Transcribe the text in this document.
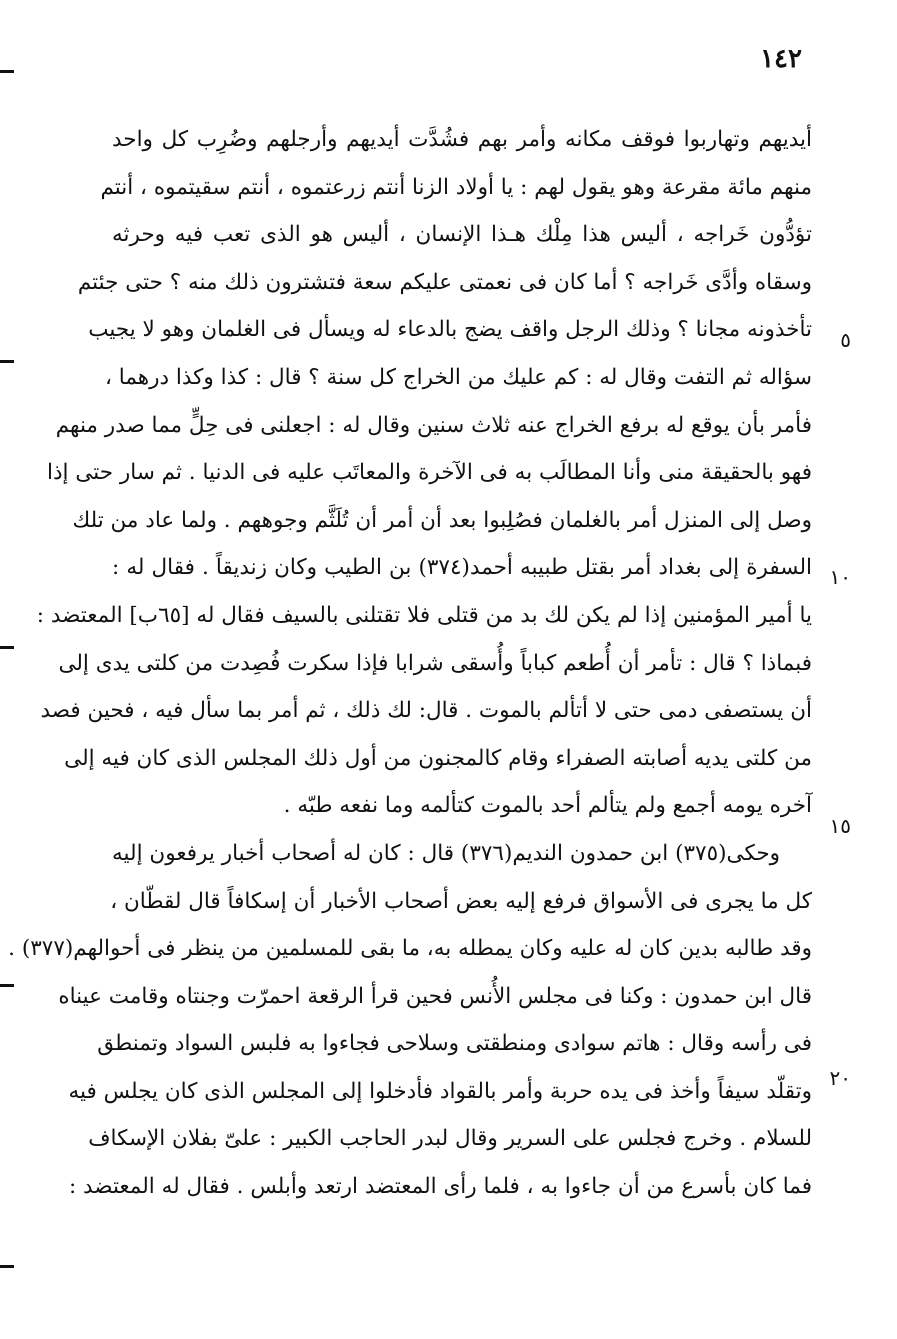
١٤٢
٥
١٠
١٥
٢٠
أيديهم وتهاربوا فوقف مكانه وأمر بهم فشُدَّت أيديهم وأرجلهم وضُرِب كل واحد
منهم مائة مقرعة وهو يقول لهم : يا أولاد الزنا أنتم زرعتموه ، أنتم سقيتموه ، أنتم
تؤدُّون خَراجه ، أليس هذا مِلْك هـذا الإنسان ، أليس هو الذى تعب فيه وحرثه
وسقاه وأدَّى خَراجه ؟ أما كان فى نعمتى عليكم سعة فتشترون ذلك منه ؟ حتى جئتم
تأخذونه مجانا ؟ وذلك الرجل واقف يضج بالدعاء له ويسأل فى الغلمان وهو لا يجيب
سؤاله ثم التفت وقال له : كم عليك من الخراج كل سنة ؟ قال : كذا وكذا درهما ،
فأمر بأن يوقع له برفع الخراج عنه ثلاث سنين وقال له : اجعلنى فى حِلٍّ مما صدر منهم
فهو بالحقيقة منى وأنا المطالَب به فى الآخرة والمعاتَب عليه فى الدنيا . ثم سار حتى إذا
وصل إلى المنزل أمر بالغلمان فصُلِبوا بعد أن أمر أن تُلَثَّم وجوههم . ولما عاد من تلك
السفرة إلى بغداد أمر بقتل طبيبه أحمد(٣٧٤) بن الطيب وكان زنديقاً . فقال له :
يا أمير المؤمنين إذا لم يكن لك بد من قتلى فلا تقتلنى بالسيف فقال له [٦٥ب] المعتضد :
فبماذا ؟ قال : تأمر أن أُطعم كباباً وأُسقى شرابا فإذا سكرت فُصِدت من كلتى يدى إلى
أن يستصفى دمى حتى لا أتألم بالموت . قال: لك ذلك ، ثم أمر بما سأل فيه ، فحين فصد
من كلتى يديه أصابته الصفراء وقام كالمجنون من أول ذلك المجلس الذى كان فيه إلى
آخره يومه أجمع ولم يتألم أحد بالموت كتألمه وما نفعه طبّه .
وحكى(٣٧٥) ابن حمدون النديم(٣٧٦) قال : كان له أصحاب أخبار يرفعون إليه
كل ما يجرى فى الأسواق فرفع إليه بعض أصحاب الأخبار أن إسكافاً قال لقطّان ،
وقد طالبه بدين كان له عليه وكان يمطله به، ما بقى للمسلمين من ينظر فى أحوالهم(٣٧٧) .
قال ابن حمدون : وكنا فى مجلس الأُنس فحين قرأ الرقعة احمرّت وجنتاه وقامت عيناه
فى رأسه وقال : هاتم سوادى ومنطقتى وسلاحى فجاءوا به فلبس السواد وتمنطق
وتقلّد سيفاً وأخذ فى يده حربة وأمر بالقواد فأدخلوا إلى المجلس الذى كان يجلس فيه
للسلام . وخرج فجلس على السرير وقال لبدر الحاجب الكبير : علىّ بفلان الإسكاف
فما كان بأسرع من أن جاءوا به ، فلما رأى المعتضد ارتعد وأبلس . فقال له المعتضد :
